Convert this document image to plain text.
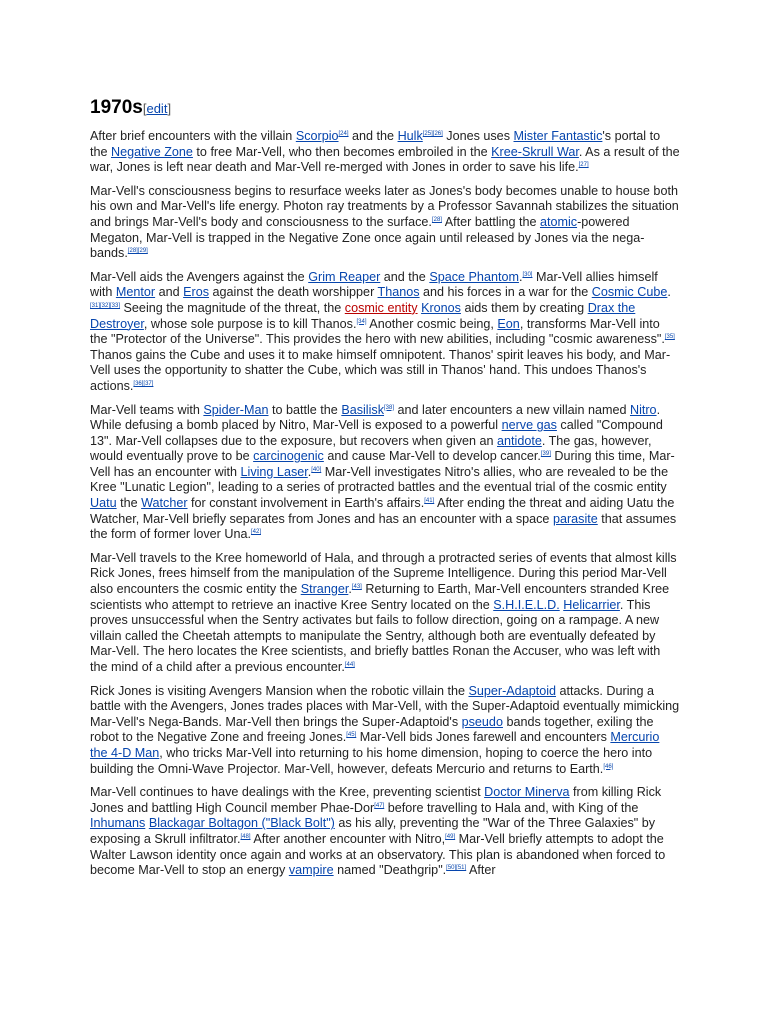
1970s[edit]

After brief encounters with the villain Scorpio[24] and the Hulk[25][26] Jones uses Mister Fantastic's portal to the Negative Zone to free Mar-Vell, who then becomes embroiled in the Kree-Skrull War. As a result of the war, Jones is left near death and Mar-Vell re-merged with Jones in order to save his life.[27]

Mar-Vell's consciousness begins to resurface weeks later as Jones's body becomes unable to house both his own and Mar-Vell's life energy. Photon ray treatments by a Professor Savannah stabilizes the situation and brings Mar-Vell's body and consciousness to the surface.[28] After battling the atomic-powered Megaton, Mar-Vell is trapped in the Negative Zone once again until released by Jones via the nega-bands.[28][29]

Mar-Vell aids the Avengers against the Grim Reaper and the Space Phantom.[30] Mar-Vell allies himself with Mentor and Eros against the death worshipper Thanos and his forces in a war for the Cosmic Cube.[31][32][33] Seeing the magnitude of the threat, the cosmic entity Kronos aids them by creating Drax the Destroyer, whose sole purpose is to kill Thanos.[34] Another cosmic being, Eon, transforms Mar-Vell into the "Protector of the Universe". This provides the hero with new abilities, including "cosmic awareness".[35] Thanos gains the Cube and uses it to make himself omnipotent. Thanos' spirit leaves his body, and Mar-Vell uses the opportunity to shatter the Cube, which was still in Thanos' hand. This undoes Thanos's actions.[36][37]

Mar-Vell teams with Spider-Man to battle the Basilisk[38] and later encounters a new villain named Nitro. While defusing a bomb placed by Nitro, Mar-Vell is exposed to a powerful nerve gas called "Compound 13". Mar-Vell collapses due to the exposure, but recovers when given an antidote. The gas, however, would eventually prove to be carcinogenic and cause Mar-Vell to develop cancer.[39] During this time, Mar-Vell has an encounter with Living Laser.[40] Mar-Vell investigates Nitro's allies, who are revealed to be the Kree "Lunatic Legion", leading to a series of protracted battles and the eventual trial of the cosmic entity Uatu the Watcher for constant involvement in Earth's affairs.[41] After ending the threat and aiding Uatu the Watcher, Mar-Vell briefly separates from Jones and has an encounter with a space parasite that assumes the form of former lover Una.[42]

Mar-Vell travels to the Kree homeworld of Hala, and through a protracted series of events that almost kills Rick Jones, frees himself from the manipulation of the Supreme Intelligence. During this period Mar-Vell also encounters the cosmic entity the Stranger.[43] Returning to Earth, Mar-Vell encounters stranded Kree scientists who attempt to retrieve an inactive Kree Sentry located on the S.H.I.E.L.D. Helicarrier. This proves unsuccessful when the Sentry activates but fails to follow direction, going on a rampage. A new villain called the Cheetah attempts to manipulate the Sentry, although both are eventually defeated by Mar-Vell. The hero locates the Kree scientists, and briefly battles Ronan the Accuser, who was left with the mind of a child after a previous encounter.[44]

Rick Jones is visiting Avengers Mansion when the robotic villain the Super-Adaptoid attacks. During a battle with the Avengers, Jones trades places with Mar-Vell, with the Super-Adaptoid eventually mimicking Mar-Vell's Nega-Bands. Mar-Vell then brings the Super-Adaptoid's pseudo bands together, exiling the robot to the Negative Zone and freeing Jones.[45] Mar-Vell bids Jones farewell and encounters Mercurio the 4-D Man, who tricks Mar-Vell into returning to his home dimension, hoping to coerce the hero into building the Omni-Wave Projector. Mar-Vell, however, defeats Mercurio and returns to Earth.[46]

Mar-Vell continues to have dealings with the Kree, preventing scientist Doctor Minerva from killing Rick Jones and battling High Council member Phae-Dor[47] before travelling to Hala and, with King of the Inhumans Blackagar Boltagon ("Black Bolt") as his ally, preventing the "War of the Three Galaxies" by exposing a Skrull infiltrator.[48] After another encounter with Nitro,[49] Mar-Vell briefly attempts to adopt the Walter Lawson identity once again and works at an observatory. This plan is abandoned when forced to become Mar-Vell to stop an energy vampire named "Deathgrip".[50][51] After
